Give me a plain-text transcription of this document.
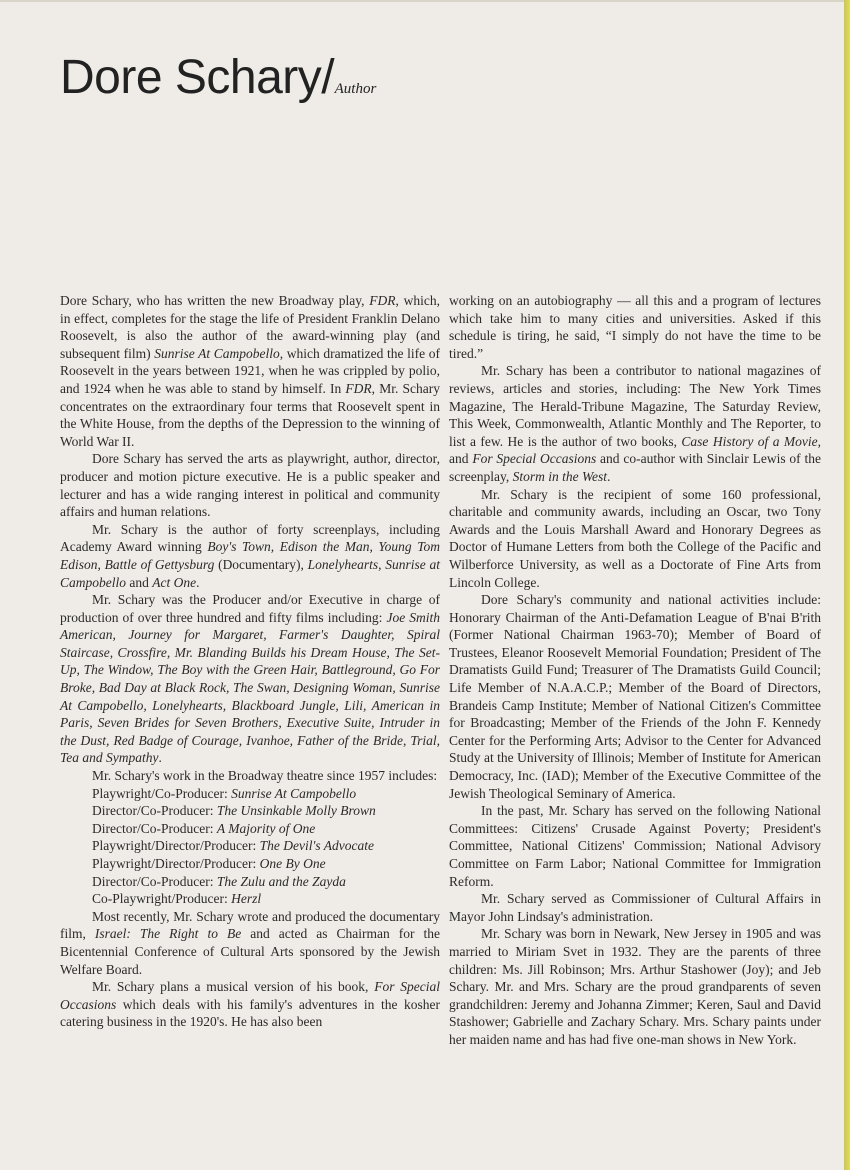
Dore Schary/Author

Dore Schary, who has written the new Broadway play, FDR, which, in effect, completes for the stage the life of President Franklin Delano Roosevelt, is also the author of the award-winning play (and subsequent film) Sunrise At Campobello, which dramatized the life of Roosevelt in the years between 1921, when he was crippled by polio, and 1924 when he was able to stand by himself. In FDR, Mr. Schary concentrates on the extraordinary four terms that Roosevelt spent in the White House, from the depths of the Depression to the winning of World War II.

Dore Schary has served the arts as playwright, author, director, producer and motion picture executive. He is a public speaker and lecturer and has a wide ranging interest in political and community affairs and human relations.

Mr. Schary is the author of forty screenplays, including Academy Award winning Boy's Town, Edison the Man, Young Tom Edison, Battle of Gettysburg (Documentary), Lonelyhearts, Sunrise at Campobello and Act One.

Mr. Schary was the Producer and/or Executive in charge of production of over three hundred and fifty films including: Joe Smith American, Journey for Margaret, Farmer's Daughter, Spiral Staircase, Crossfire, Mr. Blanding Builds his Dream House, The Set-Up, The Window, The Boy with the Green Hair, Battleground, Go For Broke, Bad Day at Black Rock, The Swan, Designing Woman, Sunrise At Campobello, Lonelyhearts, Blackboard Jungle, Lili, American in Paris, Seven Brides for Seven Brothers, Executive Suite, Intruder in the Dust, Red Badge of Courage, Ivanhoe, Father of the Bride, Trial, Tea and Sympathy.

Mr. Schary's work in the Broadway theatre since 1957 includes:

Playwright/Co-Producer: Sunrise At Campobello
Director/Co-Producer: The Unsinkable Molly Brown
Director/Co-Producer: A Majority of One
Playwright/Director/Producer: The Devil's Advocate
Playwright/Director/Producer: One By One
Director/Co-Producer: The Zulu and the Zayda
Co-Playwright/Producer: Herzl

Most recently, Mr. Schary wrote and produced the documentary film, Israel: The Right to Be and acted as Chairman for the Bicentennial Conference of Cultural Arts sponsored by the Jewish Welfare Board.

Mr. Schary plans a musical version of his book, For Special Occasions which deals with his family's adventures in the kosher catering business in the 1920's. He has also been

working on an autobiography — all this and a program of lectures which take him to many cities and universities. Asked if this schedule is tiring, he said, “I simply do not have the time to be tired.”

Mr. Schary has been a contributor to national magazines of reviews, articles and stories, including: The New York Times Magazine, The Herald-Tribune Magazine, The Saturday Review, This Week, Commonwealth, Atlantic Monthly and The Reporter, to list a few. He is the author of two books, Case History of a Movie, and For Special Occasions and co-author with Sinclair Lewis of the screenplay, Storm in the West.

Mr. Schary is the recipient of some 160 professional, charitable and community awards, including an Oscar, two Tony Awards and the Louis Marshall Award and Honorary Degrees as Doctor of Humane Letters from both the College of the Pacific and Wilberforce University, as well as a Doctorate of Fine Arts from Lincoln College.

Dore Schary's community and national activities include: Honorary Chairman of the Anti-Defamation League of B'nai B'rith (Former National Chairman 1963-70); Member of Board of Trustees, Eleanor Roosevelt Memorial Foundation; President of The Dramatists Guild Fund; Treasurer of The Dramatists Guild Council; Life Member of N.A.A.C.P.; Member of the Board of Directors, Brandeis Camp Institute; Member of National Citizen's Committee for Broadcasting; Member of the Friends of the John F. Kennedy Center for the Performing Arts; Advisor to the Center for Advanced Study at the University of Illinois; Member of Institute for American Democracy, Inc. (IAD); Member of the Executive Committee of the Jewish Theological Seminary of America.

In the past, Mr. Schary has served on the following National Committees: Citizens' Crusade Against Poverty; President's Committee, National Citizens' Commission; National Advisory Committee on Farm Labor; National Committee for Immigration Reform.

Mr. Schary served as Commissioner of Cultural Affairs in Mayor John Lindsay's administration.

Mr. Schary was born in Newark, New Jersey in 1905 and was married to Miriam Svet in 1932. They are the parents of three children: Ms. Jill Robinson; Mrs. Arthur Stashower (Joy); and Jeb Schary. Mr. and Mrs. Schary are the proud grandparents of seven grandchildren: Jeremy and Johanna Zimmer; Keren, Saul and David Stashower; Gabrielle and Zachary Schary. Mrs. Schary paints under her maiden name and has had five one-man shows in New York.
